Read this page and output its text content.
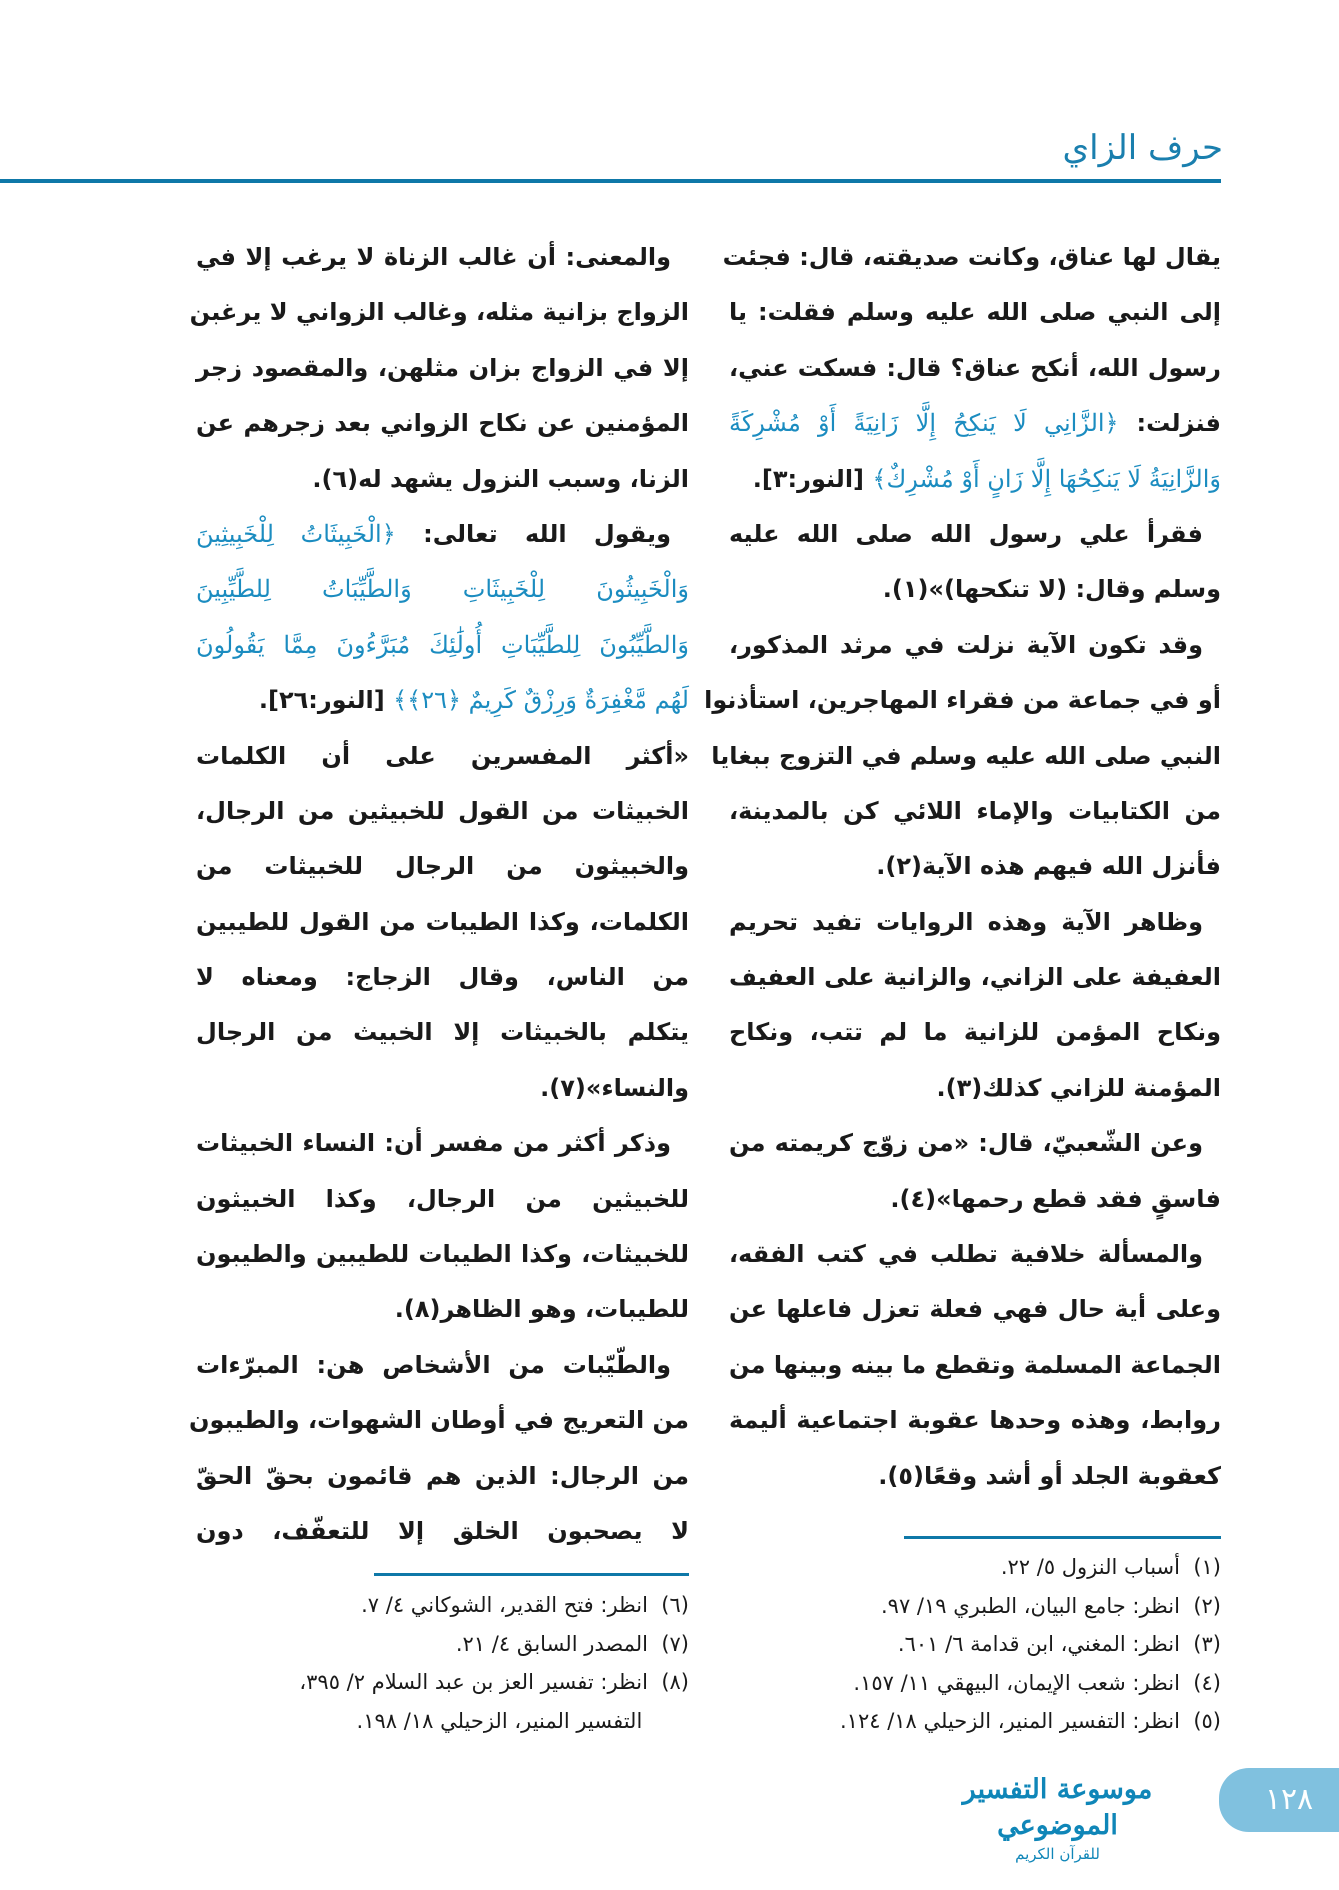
حرف الزاي
يقال لها عناق، وكانت صديقته، قال: فجئت
إلى النبي صلى الله عليه وسلم فقلت: يا
رسول الله، أنكح عناق؟ قال: فسكت عني،
فنزلت: ﴿الزَّانِي لَا يَنكِحُ إِلَّا زَانِيَةً أَوْ مُشْرِكَةً
وَالزَّانِيَةُ لَا يَنكِحُهَا إِلَّا زَانٍ أَوْ مُشْرِكٌ﴾ [النور:٣].
فقرأ علي رسول الله صلى الله عليه
وسلم وقال: (لا تنكحها)»(١).
وقد تكون الآية نزلت في مرثد المذكور،
أو في جماعة من فقراء المهاجرين، استأذنوا
النبي صلى الله عليه وسلم في التزوج ببغايا
من الكتابيات والإماء اللائي كن بالمدينة،
فأنزل الله فيهم هذه الآية(٢).
وظاهر الآية وهذه الروايات تفيد تحريم
العفيفة على الزاني، والزانية على العفيف
ونكاح المؤمن للزانية ما لم تتب، ونكاح
المؤمنة للزاني كذلك(٣).
وعن الشّعبيّ، قال: «من زوّج كريمته من
فاسقٍ فقد قطع رحمها»(٤).
والمسألة خلافية تطلب في كتب الفقه،
وعلى أية حال فهي فعلة تعزل فاعلها عن
الجماعة المسلمة وتقطع ما بينه وبينها من
روابط، وهذه وحدها عقوبة اجتماعية أليمة
كعقوبة الجلد أو أشد وقعًا(٥).
والمعنى: أن غالب الزناة لا يرغب إلا في
الزواج بزانية مثله، وغالب الزواني لا يرغبن
إلا في الزواج بزان مثلهن، والمقصود زجر
المؤمنين عن نكاح الزواني بعد زجرهم عن
الزنا، وسبب النزول يشهد له(٦).
ويقول الله تعالى: ﴿الْخَبِيثَاتُ لِلْخَبِيثِينَ
وَالْخَبِيثُونَ لِلْخَبِيثَاتِ وَالطَّيِّبَاتُ لِلطَّيِّبِينَ
وَالطَّيِّبُونَ لِلطَّيِّبَاتِ أُولَٰئِكَ مُبَرَّءُونَ مِمَّا يَقُولُونَ
لَهُم مَّغْفِرَةٌ وَرِزْقٌ كَرِيمٌ ﴿٢٦﴾﴾ [النور:٢٦].
«أكثر المفسرين على أن الكلمات
الخبيثات من القول للخبيثين من الرجال،
والخبيثون من الرجال للخبيثات من
الكلمات، وكذا الطيبات من القول للطيبين
من الناس، وقال الزجاج: ومعناه لا
يتكلم بالخبيثات إلا الخبيث من الرجال
والنساء»(٧).
وذكر أكثر من مفسر أن: النساء الخبيثات
للخبيثين من الرجال، وكذا الخبيثون
للخبيثات، وكذا الطيبات للطيبين والطيبون
للطيبات، وهو الظاهر(٨).
والطّيّبات من الأشخاص هن: المبرّءات
من التعريج في أوطان الشهوات، والطيبون
من الرجال: الذين هم قائمون بحقّ الحقّ
لا يصحبون الخلق إلا للتعفّف، دون
(١)  أسباب النزول ٥/ ٢٢.
(٢)  انظر: جامع البيان، الطبري ١٩/ ٩٧.
(٣)  انظر: المغني، ابن قدامة ٦/ ٦٠١.
(٤)  انظر: شعب الإيمان، البيهقي ١١/ ١٥٧.
(٥)  انظر: التفسير المنير، الزحيلي ١٨/ ١٢٤.
(٦)  انظر: فتح القدير، الشوكاني ٤/ ٧.
(٧)  المصدر السابق ٤/ ٢١.
(٨)  انظر: تفسير العز بن عبد السلام ٢/ ٣٩٥،
التفسير المنير، الزحيلي ١٨/ ١٩٨.
موسوعة التفسير الموضوعي
للقرآن الكريم
١٢٨
